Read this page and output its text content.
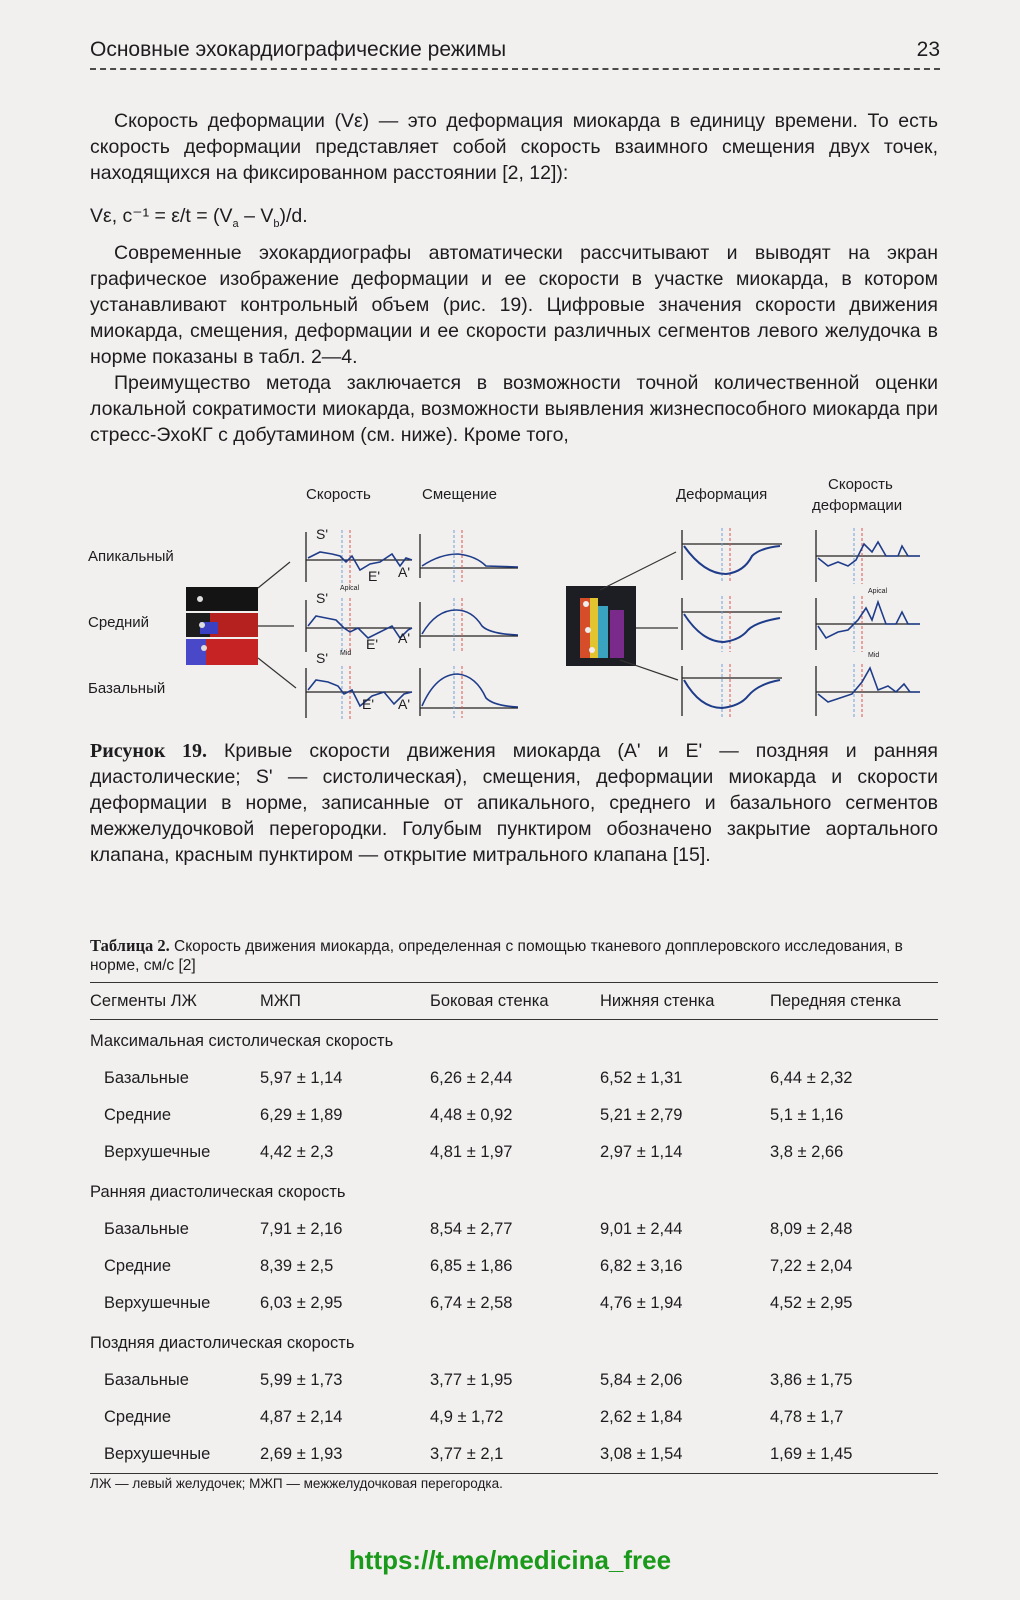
Основные эхокардиографические режимы	23

Скорость деформации (Vε) — это деформация миокарда в единицу времени. То есть скорость деформации представляет собой скорость взаимного смещения двух точек, находящихся на фиксированном расстоянии [2, 12]):

Vε, $c^{-1} = \varepsilon/t = (V_a - V_b)/d$.

Современные эхокардиографы автоматически рассчитывают и выводят на экран графическое изображение деформации и ее скорости в участке миокарда, в котором устанавливают контрольный объем (рис. 19). Цифровые значения скорости движения миокарда, смещения, деформации и ее скорости различных сегментов левого желудочка в норме показаны в табл. 2—4.

Преимущество метода заключается в возможности точной количественной оценки локальной сократимости миокарда, возможности выявления жизнеспособного миокарда при стресс-ЭхоКГ с добутамином (см. ниже). Кроме того,

Скорость	Смещение	Деформация
Скорость
деформации
Апикальный
Средний
Базальный
S'
E' A'
S'
Apical
E' A'
S' Mid
E' A'
Apical
Mid

Рисунок 19. Кривые скорости движения миокарда (A' и E' — поздняя и ранняя диастолические; S' — систолическая), смещения, деформации миокарда и скорости деформации в норме, записанные от апикального, среднего и базального сегментов межжелудочковой перегородки. Голубым пунктиром обозначено закрытие аортального клапана, красным пунктиром — открытие митрального клапана [15].

Таблица 2. Скорость движения миокарда, определенная с помощью тканевого допплеровского исследования, в норме, см/с [2]

Сегменты ЛЖ	МЖП	Боковая стенка	Нижняя стенка	Передняя стенка
Максимальная систолическая скорость				
Базальные	5,97 ± 1,14	6,26 ± 2,44	6,52 ± 1,31	6,44 ± 2,32
Средние	6,29 ± 1,89	4,48 ± 0,92	5,21 ± 2,79	5,1 ± 1,16
Верхушечные	4,42 ± 2,3	4,81 ± 1,97	2,97 ± 1,14	3,8 ± 2,66
Ранняя диастолическая скорость				
Базальные	7,91 ± 2,16	8,54 ± 2,77	9,01 ± 2,44	8,09 ± 2,48
Средние	8,39 ± 2,5	6,85 ± 1,86	6,82 ± 3,16	7,22 ± 2,04
Верхушечные	6,03 ± 2,95	6,74 ± 2,58	4,76 ± 1,94	4,52 ± 2,95
Поздняя диастолическая скорость				
Базальные	5,99 ± 1,73	3,77 ± 1,95	5,84 ± 2,06	3,86 ± 1,75
Средние	4,87 ± 2,14	4,9 ± 1,72	2,62 ± 1,84	4,78 ± 1,7
Верхушечные	2,69 ± 1,93	3,77 ± 2,1	3,08 ± 1,54	1,69 ± 1,45
ЛЖ — левый желудочек; МЖП — межжелудочковая перегородка.
https://t.me/medicina_free
